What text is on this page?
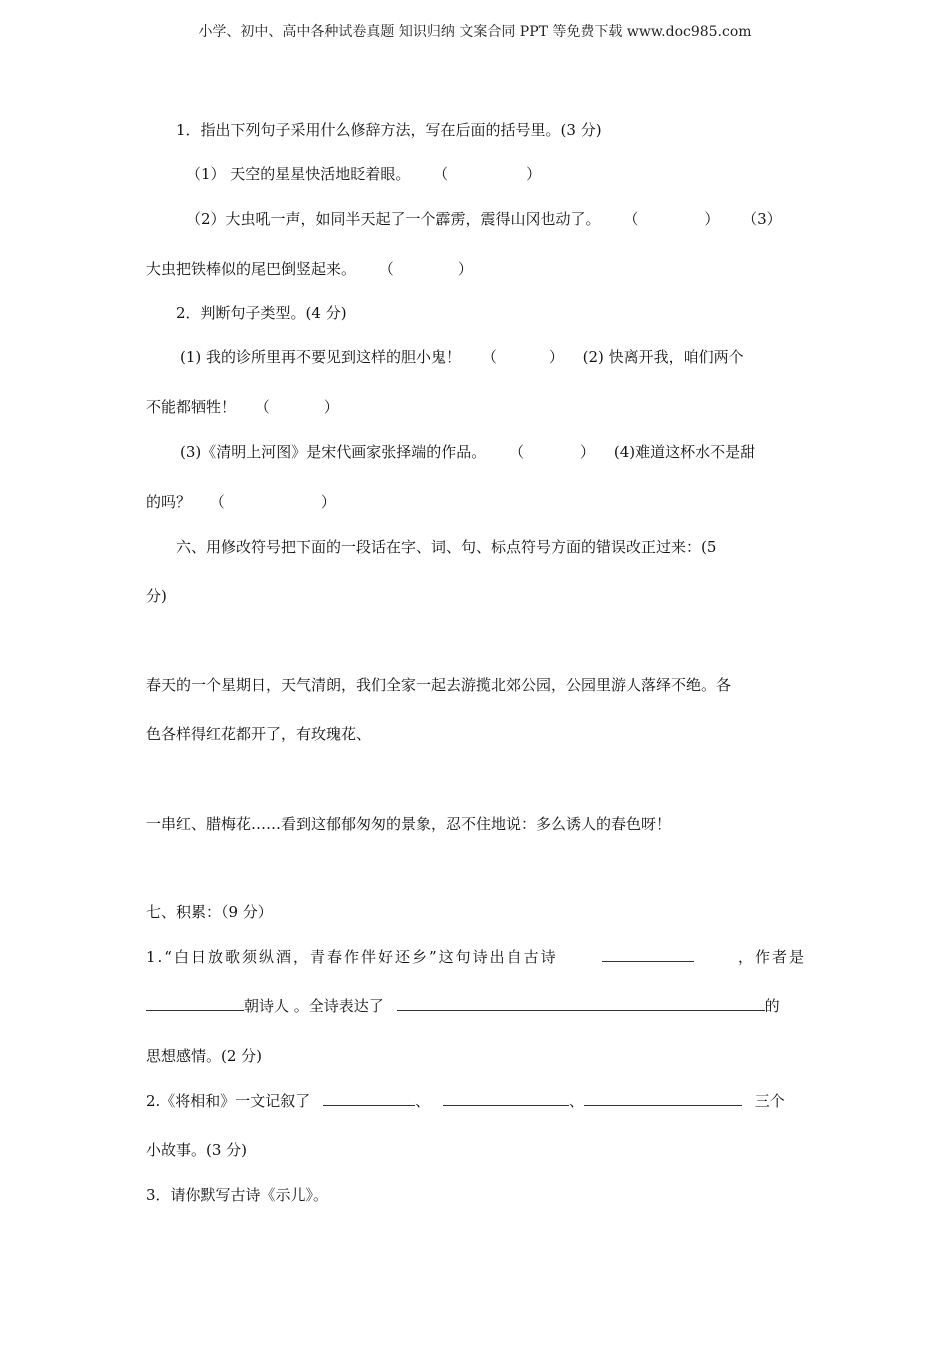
小学、初中、高中各种试卷真题 知识归纳 文案合同 PPT 等免费下载 www.doc985.com
1．指出下列句子采用什么修辞方法，写在后面的括号里。(3 分)
（1） 天空的星星快活地眨着眼。 （	）
（2）大虫吼一声，如同半天起了一个霹雳，震得山冈也动了。 （	） （3）
大虫把铁棒似的尾巴倒竖起来。 （	）
2．判断句子类型。(4 分)
(1) 我的诊所里再不要见到这样的胆小鬼！ （	） (2) 快离开我，咱们两个
不能都牺牲！ （	）
(3)《清明上河图》是宋代画家张择端的作品。 （	） (4)难道这杯水不是甜
的吗？ （	）
六、用修改符号把下面的一段话在字、词、句、标点符号方面的错误改正过来：(5
分)
春天的一个星期日，天气清朗，我们全家一起去游揽北郊公园，公园里游人落绎不绝。各
色各样得红花都开了，有玫瑰花、
一串红、腊梅花……看到这郁郁匆匆的景象，忍不住地说：多么诱人的春色呀！
七、积累：（9 分）
1.“白日放歌须纵酒，青春作伴好还乡”这句诗出自古诗	，作者是
朝诗人 。全诗表达了	的
思想感情。(2 分)
2.《将相和》一文记叙了	、	、	三个
小故事。(3 分)
3．请你默写古诗《示儿》。
